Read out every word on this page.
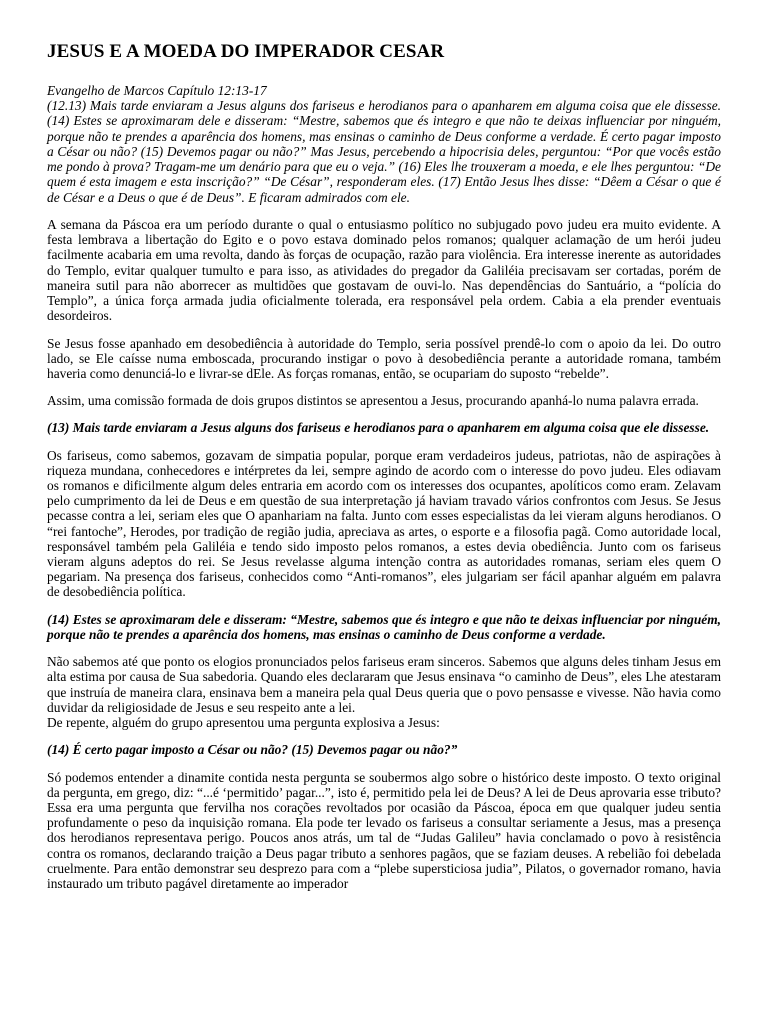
JESUS E A MOEDA DO IMPERADOR CESAR

Evangelho de Marcos Capítulo 12:13-17

(12.13) Mais tarde enviaram a Jesus alguns dos fariseus e herodianos para o apanharem em alguma coisa que ele dissesse. (14) Estes se aproximaram dele e disseram: “Mestre, sabemos que és integro e que não te deixas influenciar por ninguém, porque não te prendes a aparência dos homens, mas ensinas o caminho de Deus conforme a verdade. É certo pagar imposto a César ou não? (15) Devemos pagar ou não?” Mas Jesus, percebendo a hipocrisia deles, perguntou: “Por que vocês estão me pondo à prova? Tragam-me um denário para que eu o veja.” (16) Eles lhe trouxeram a moeda, e ele lhes perguntou: “De quem é esta imagem e esta inscrição?” “De César”, responderam eles. (17) Então Jesus lhes disse: “Dêem a César o que é de César e a Deus o que é de Deus”. E ficaram admirados com ele.

A semana da Páscoa era um período durante o qual o entusiasmo político no subjugado povo judeu era muito evidente. A festa lembrava a libertação do Egito e o povo estava dominado pelos romanos; qualquer aclamação de um herói judeu facilmente acabaria em uma revolta, dando às forças de ocupação, razão para violência. Era interesse inerente as autoridades do Templo, evitar qualquer tumulto e para isso, as atividades do pregador da Galiléia precisavam ser cortadas, porém de maneira sutil para não aborrecer as multidões que gostavam de ouvi-lo. Nas dependências do Santuário, a “polícia do Templo”, a única força armada judia oficialmente tolerada, era responsável pela ordem. Cabia a ela prender eventuais desordeiros.

Se Jesus fosse apanhado em desobediência à autoridade do Templo, seria possível prendê-lo com o apoio da lei. Do outro lado, se Ele caísse numa emboscada, procurando instigar o povo à desobediência perante a autoridade romana, também haveria como denunciá-lo e livrar-se dEle. As forças romanas, então, se ocupariam do suposto “rebelde”.

Assim, uma comissão formada de dois grupos distintos se apresentou a Jesus, procurando apanhá-lo numa palavra errada.

(13) Mais tarde enviaram a Jesus alguns dos fariseus e herodianos para o apanharem em alguma coisa que ele dissesse.

Os fariseus, como sabemos, gozavam de simpatia popular, porque eram verdadeiros judeus, patriotas, não de aspirações à riqueza mundana, conhecedores e intérpretes da lei, sempre agindo de acordo com o interesse do povo judeu. Eles odiavam os romanos e dificilmente algum deles entraria em acordo com os interesses dos ocupantes, apolíticos como eram. Zelavam pelo cumprimento da lei de Deus e em questão de sua interpretação já haviam travado vários confrontos com Jesus. Se Jesus pecasse contra a lei, seriam eles que O apanhariam na falta. Junto com esses especialistas da lei vieram alguns herodianos. O “rei fantoche”, Herodes, por tradição de região judia, apreciava as artes, o esporte e a filosofia pagã. Como autoridade local, responsável também pela Galiléia e tendo sido imposto pelos romanos, a estes devia obediência. Junto com os fariseus vieram alguns adeptos do rei. Se Jesus revelasse alguma intenção contra as autoridades romanas, seriam eles quem O pegariam. Na presença dos fariseus, conhecidos como “Anti-romanos”, eles julgariam ser fácil apanhar alguém em palavra de desobediência política.

(14) Estes se aproximaram dele e disseram: “Mestre, sabemos que és integro e que não te deixas influenciar por ninguém, porque não te prendes a aparência dos homens, mas ensinas o caminho de Deus conforme a verdade.

Não sabemos até que ponto os elogios pronunciados pelos fariseus eram sinceros. Sabemos que alguns deles tinham Jesus em alta estima por causa de Sua sabedoria. Quando eles declararam que Jesus ensinava “o caminho de Deus”, eles Lhe atestaram que instruía de maneira clara, ensinava bem a maneira pela qual Deus queria que o povo pensasse e vivesse. Não havia como duvidar da religiosidade de Jesus e seu respeito ante a lei.

De repente, alguém do grupo apresentou uma pergunta explosiva a Jesus:

(14) É certo pagar imposto a César ou não? (15) Devemos pagar ou não?”

Só podemos entender a dinamite contida nesta pergunta se soubermos algo sobre o histórico deste imposto. O texto original da pergunta, em grego, diz: “...é ‘permitido’ pagar...”, isto é, permitido pela lei de Deus? A lei de Deus aprovaria esse tributo? Essa era uma pergunta que fervilha nos corações revoltados por ocasião da Páscoa, época em que qualquer judeu sentia profundamente o peso da inquisição romana. Ela pode ter levado os fariseus a consultar seriamente a Jesus, mas a presença dos herodianos representava perigo. Poucos anos atrás, um tal de “Judas Galileu” havia conclamado o povo à resistência contra os romanos, declarando traição a Deus pagar tributo a senhores pagãos, que se faziam deuses. A rebelião foi debelada cruelmente. Para então demonstrar seu desprezo para com a “plebe supersticiosa judia”, Pilatos, o governador romano, havia instaurado um tributo pagável diretamente ao imperador
